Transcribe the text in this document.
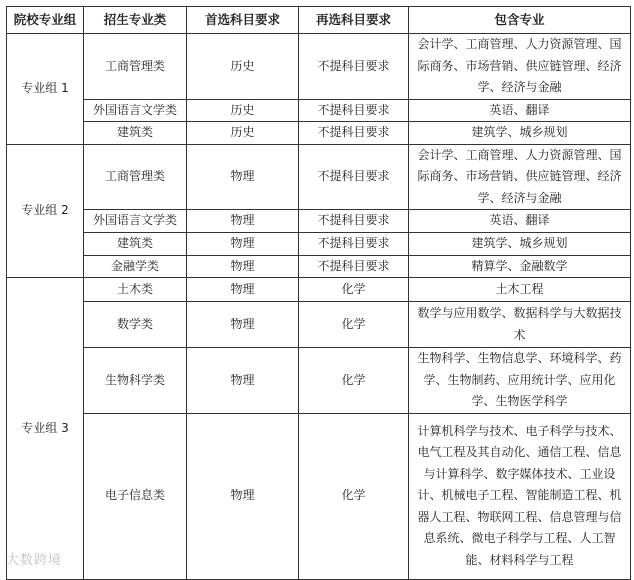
院校专业组	招生专业类	首选科目要求	再选科目要求	包含专业
专业组 1	工商管理类	历史	不提科目要求	会计学、工商管理、人力资源管理、国际商务、市场营销、供应链管理、经济学、经济与金融
	外国语言文学类	历史	不提科目要求	英语、翻译
	建筑类	历史	不提科目要求	建筑学、城乡规划
专业组 2	工商管理类	物理	不提科目要求	会计学、工商管理、人力资源管理、国际商务、市场营销、供应链管理、经济学、经济与金融
	外国语言文学类	物理	不提科目要求	英语、翻译
	建筑类	物理	不提科目要求	建筑学、城乡规划
	金融学类	物理	不提科目要求	精算学、金融数学
专业组 3	土木类	物理	化学	土木工程
	数学类	物理	化学	数学与应用数学、数据科学与大数据技术
	生物科学类	物理	化学	生物科学、生物信息学、环境科学、药学、生物制药、应用统计学、应用化学、生物医学科学
	电子信息类	物理	化学	计算机科学与技术、电子科学与技术、电气工程及其自动化、通信工程、信息与计算科学、数字媒体技术、工业设计、机械电子工程、智能制造工程、机器人工程、物联网工程、信息管理与信息系统、微电子科学与工程、人工智能、材料科学与工程
大数跨境
